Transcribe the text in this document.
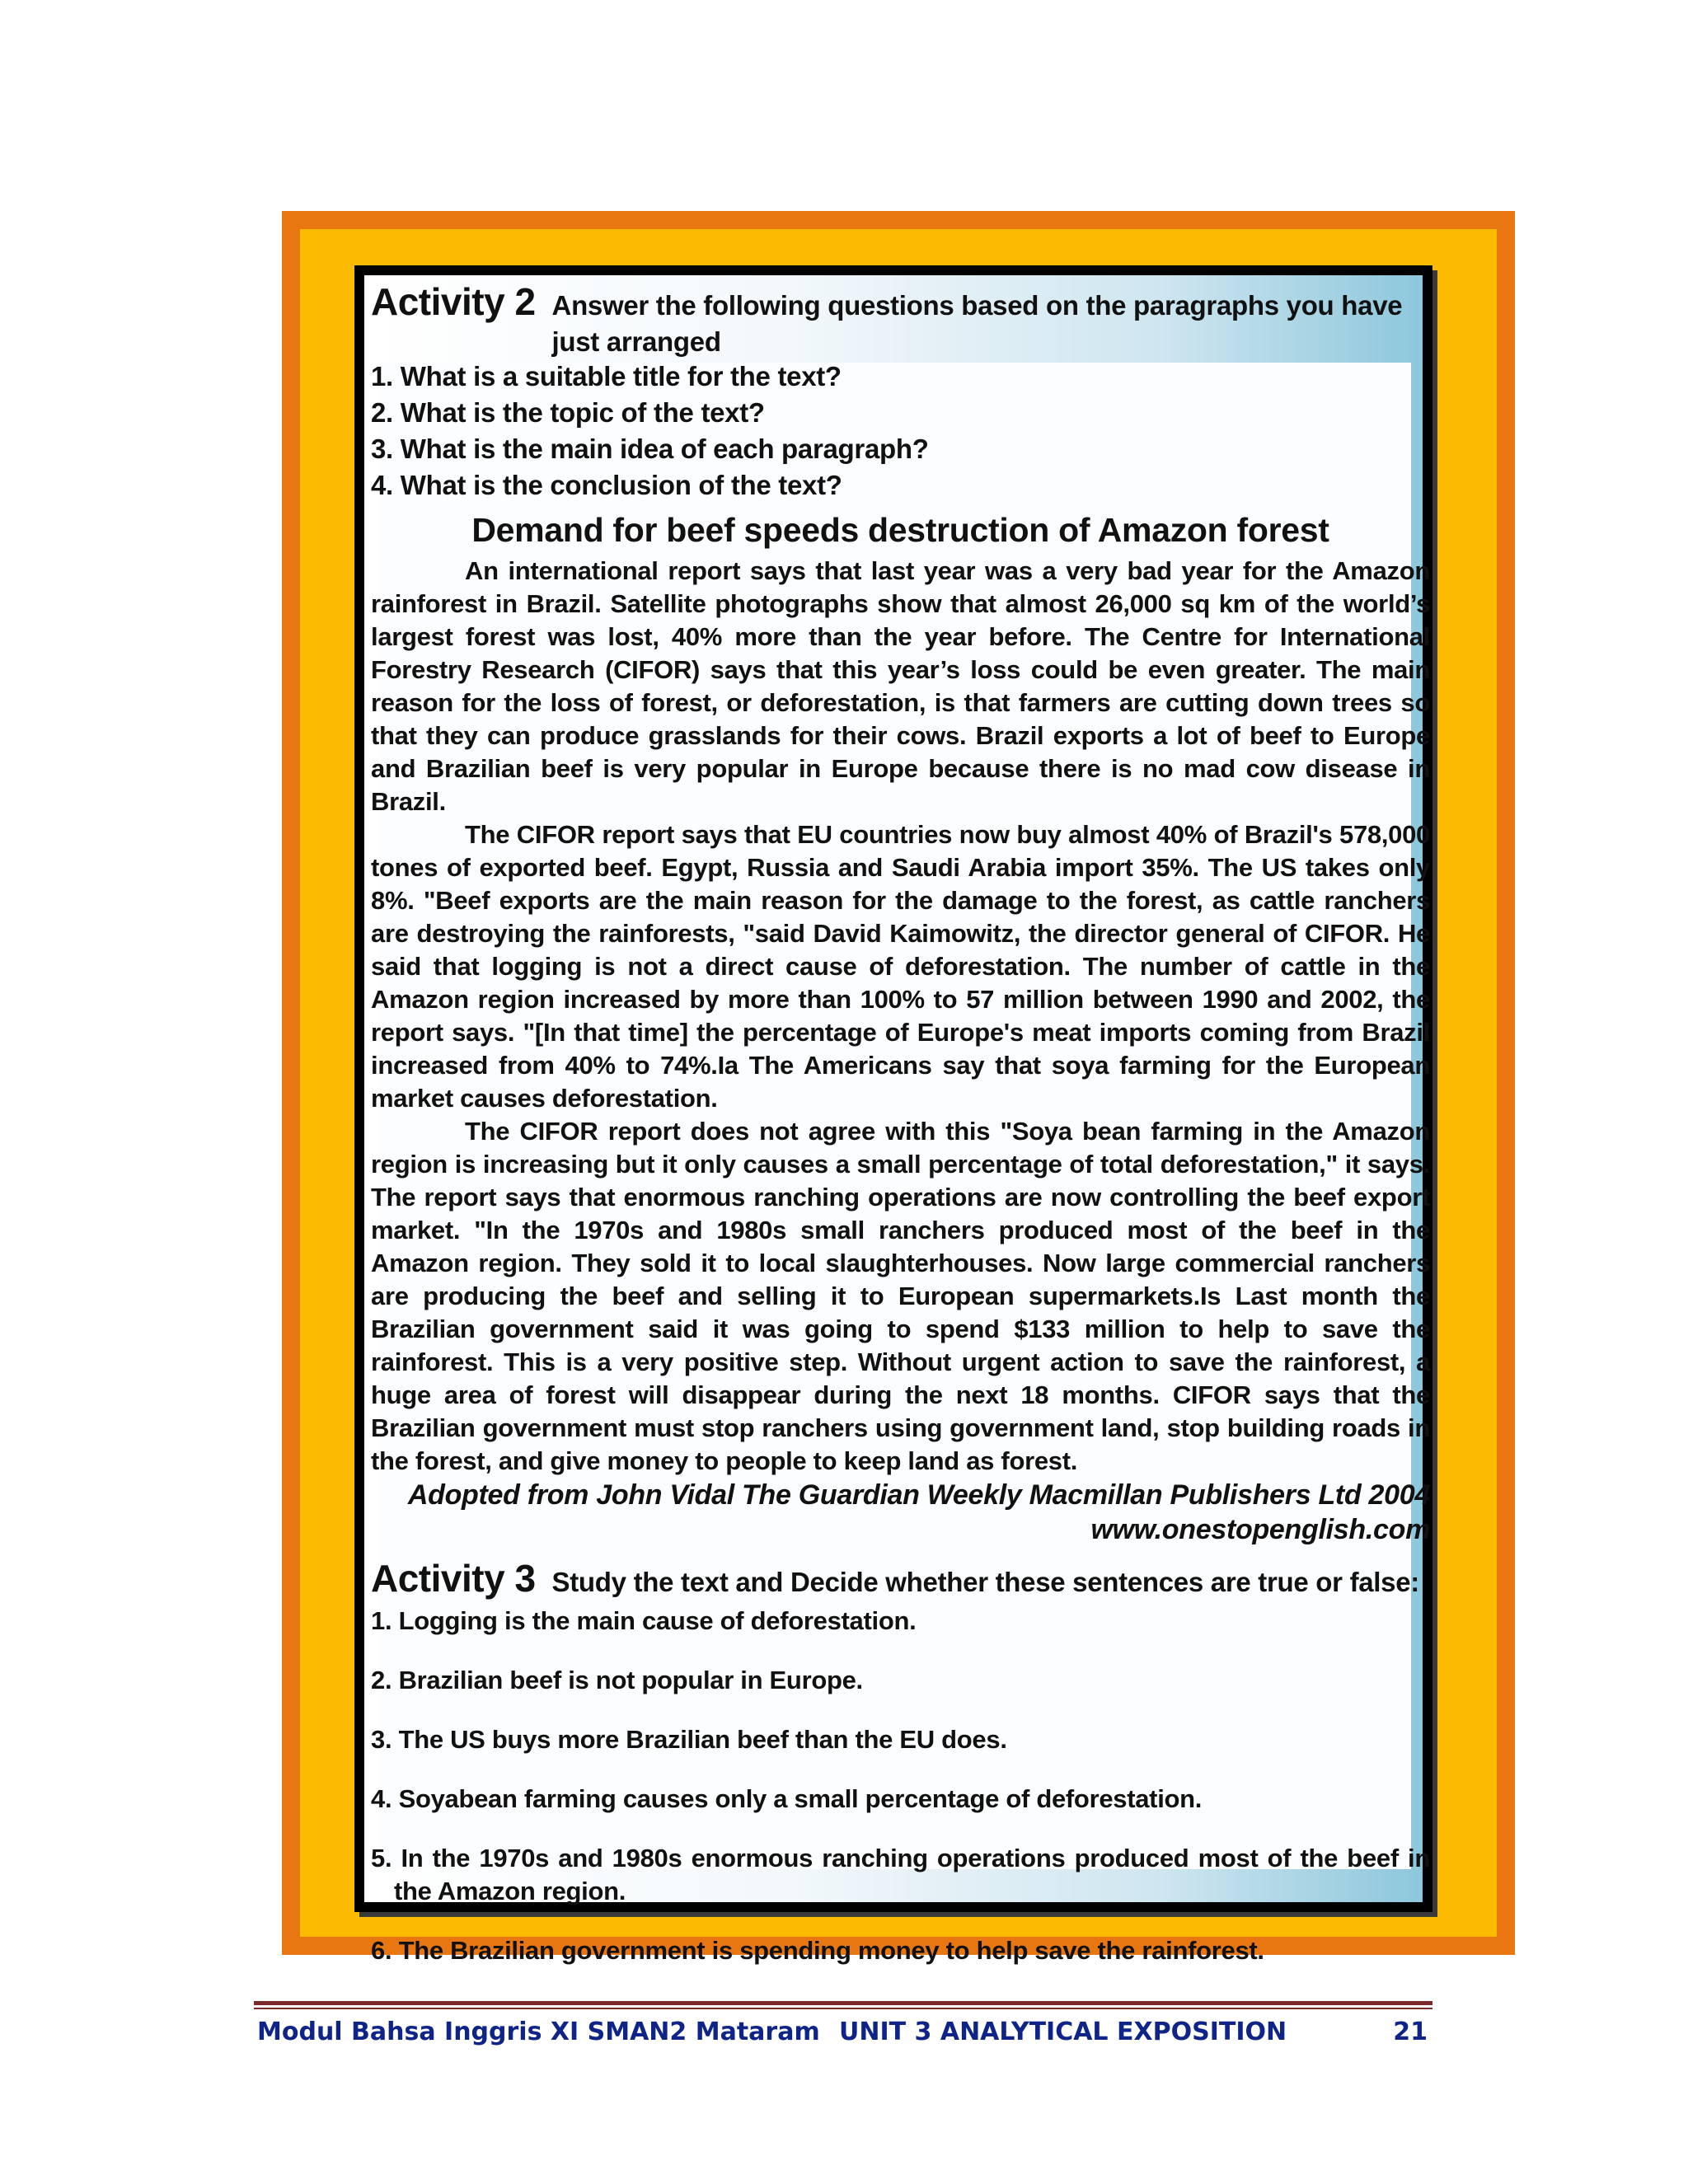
Activity 2 Answer the following questions based on the paragraphs you have just arranged
1. What is a suitable title for the text?
2. What is the topic of the text?
3. What is the main idea of each paragraph?
4. What is the conclusion of the text?
Demand for beef speeds destruction of Amazon forest

An international report says that last year was a very bad year for the Amazon rainforest in Brazil. Satellite photographs show that almost 26,000 sq km of the world’s largest forest was lost, 40% more than the year before. The Centre for International Forestry Research (CIFOR) says that this year’s loss could be even greater. The main reason for the loss of forest, or deforestation, is that farmers are cutting down trees so that they can produce grasslands for their cows. Brazil exports a lot of beef to Europe and Brazilian beef is very popular in Europe because there is no mad cow disease in Brazil.

The CIFOR report says that EU countries now buy almost 40% of Brazil's 578,000 tones of exported beef. Egypt, Russia and Saudi Arabia import 35%. The US takes only 8%. "Beef exports are the main reason for the damage to the forest, as cattle ranchers are destroying the rainforests, "said David Kaimowitz, the director general of CIFOR. He said that logging is not a direct cause of deforestation. The number of cattle in the Amazon region increased by more than 100% to 57 million between 1990 and 2002, the report says. "[In that time] the percentage of Europe's meat imports coming from Brazil increased from 40% to 74%.Ia The Americans say that soya farming for the European market causes deforestation.

The CIFOR report does not agree with this "Soya bean farming in the Amazon region is increasing but it only causes a small percentage of total deforestation," it says. The report says that enormous ranching operations are now controlling the beef export market. "In the 1970s and 1980s small ranchers produced most of the beef in the Amazon region. They sold it to local slaughterhouses. Now large commercial ranchers are producing the beef and selling it to European supermarkets.Is Last month the Brazilian government said it was going to spend $133 million to help to save the rainforest. This is a very positive step. Without urgent action to save the rainforest, a huge area of forest will disappear during the next 18 months. CIFOR says that the Brazilian government must stop ranchers using government land, stop building roads in the forest, and give money to people to keep land as forest.

Adopted from John Vidal The Guardian Weekly Macmillan Publishers Ltd 2004
www.onestopenglish.com
Activity 3 Study the text and Decide whether these sentences are true or false:
1. Logging is the main cause of deforestation.
2. Brazilian beef is not popular in Europe.
3. The US buys more Brazilian beef than the EU does.
4. Soyabean farming causes only a small percentage of deforestation.
5. In the 1970s and 1980s enormous ranching operations produced most of the beef in the Amazon region.
6. The Brazilian government is spending money to help save the rainforest.
Modul Bahsa Inggris XI SMAN2 Mataram UNIT 3 ANALYTICAL EXPOSITION	21
